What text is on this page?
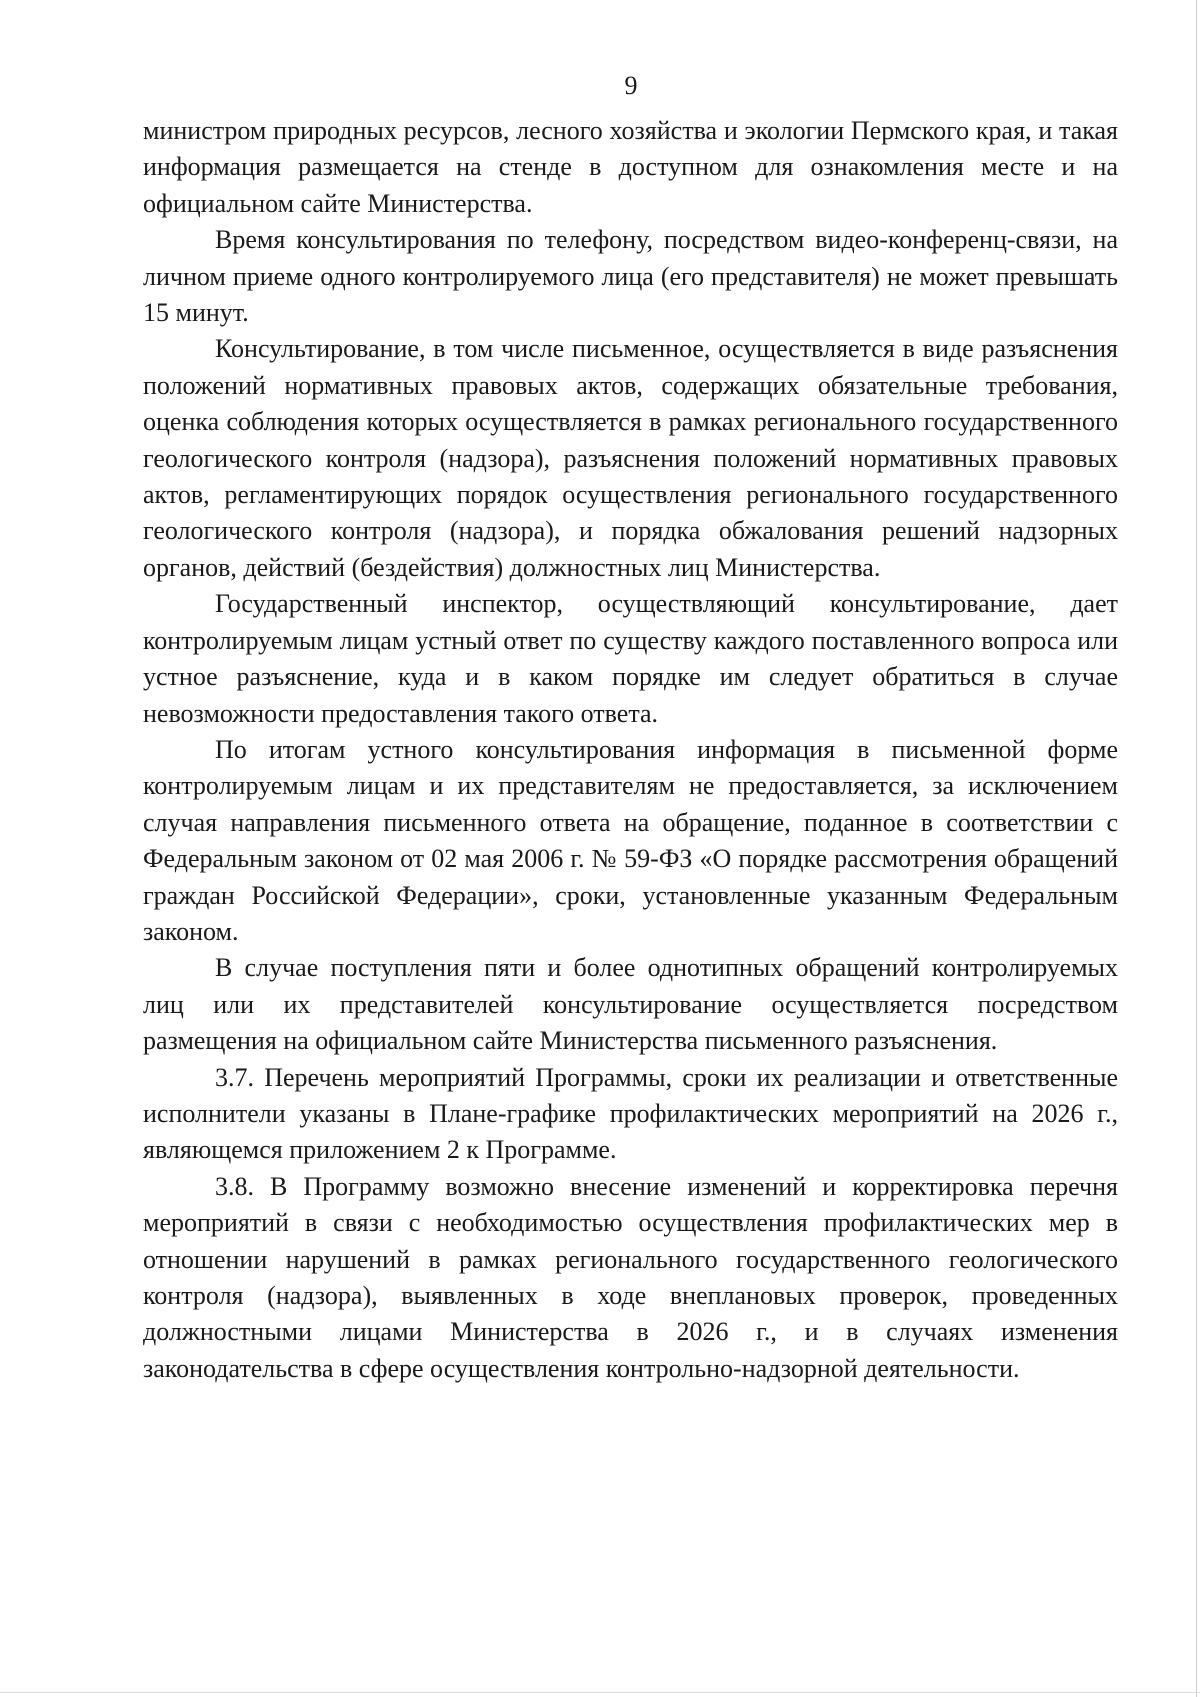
9

министром природных ресурсов, лесного хозяйства и экологии Пермского края, и такая информация размещается на стенде в доступном для ознакомления месте и на официальном сайте Министерства.

Время консультирования по телефону, посредством видео-конференц-связи, на личном приеме одного контролируемого лица (его представителя) не может превышать 15 минут.

Консультирование, в том числе письменное, осуществляется в виде разъяснения положений нормативных правовых актов, содержащих обязательные требования, оценка соблюдения которых осуществляется в рамках регионального государственного геологического контроля (надзора), разъяснения положений нормативных правовых актов, регламентирующих порядок осуществления регионального государственного геологического контроля (надзора), и порядка обжалования решений надзорных органов, действий (бездействия) должностных лиц Министерства.

Государственный инспектор, осуществляющий консультирование, дает контролируемым лицам устный ответ по существу каждого поставленного вопроса или устное разъяснение, куда и в каком порядке им следует обратиться в случае невозможности предоставления такого ответа.

По итогам устного консультирования информация в письменной форме контролируемым лицам и их представителям не предоставляется, за исключением случая направления письменного ответа на обращение, поданное в соответствии с Федеральным законом от 02 мая 2006 г. № 59-ФЗ «О порядке рассмотрения обращений граждан Российской Федерации», сроки, установленные указанным Федеральным законом.

В случае поступления пяти и более однотипных обращений контролируемых лиц или их представителей консультирование осуществляется посредством размещения на официальном сайте Министерства письменного разъяснения.

3.7. Перечень мероприятий Программы, сроки их реализации и ответственные исполнители указаны в Плане-графике профилактических мероприятий на 2026 г., являющемся приложением 2 к Программе.

3.8. В Программу возможно внесение изменений и корректировка перечня мероприятий в связи с необходимостью осуществления профилактических мер в отношении нарушений в рамках регионального государственного геологического контроля (надзора), выявленных в ходе внеплановых проверок, проведенных должностными лицами Министерства в 2026 г., и в случаях изменения законодательства в сфере осуществления контрольно-надзорной деятельности.
